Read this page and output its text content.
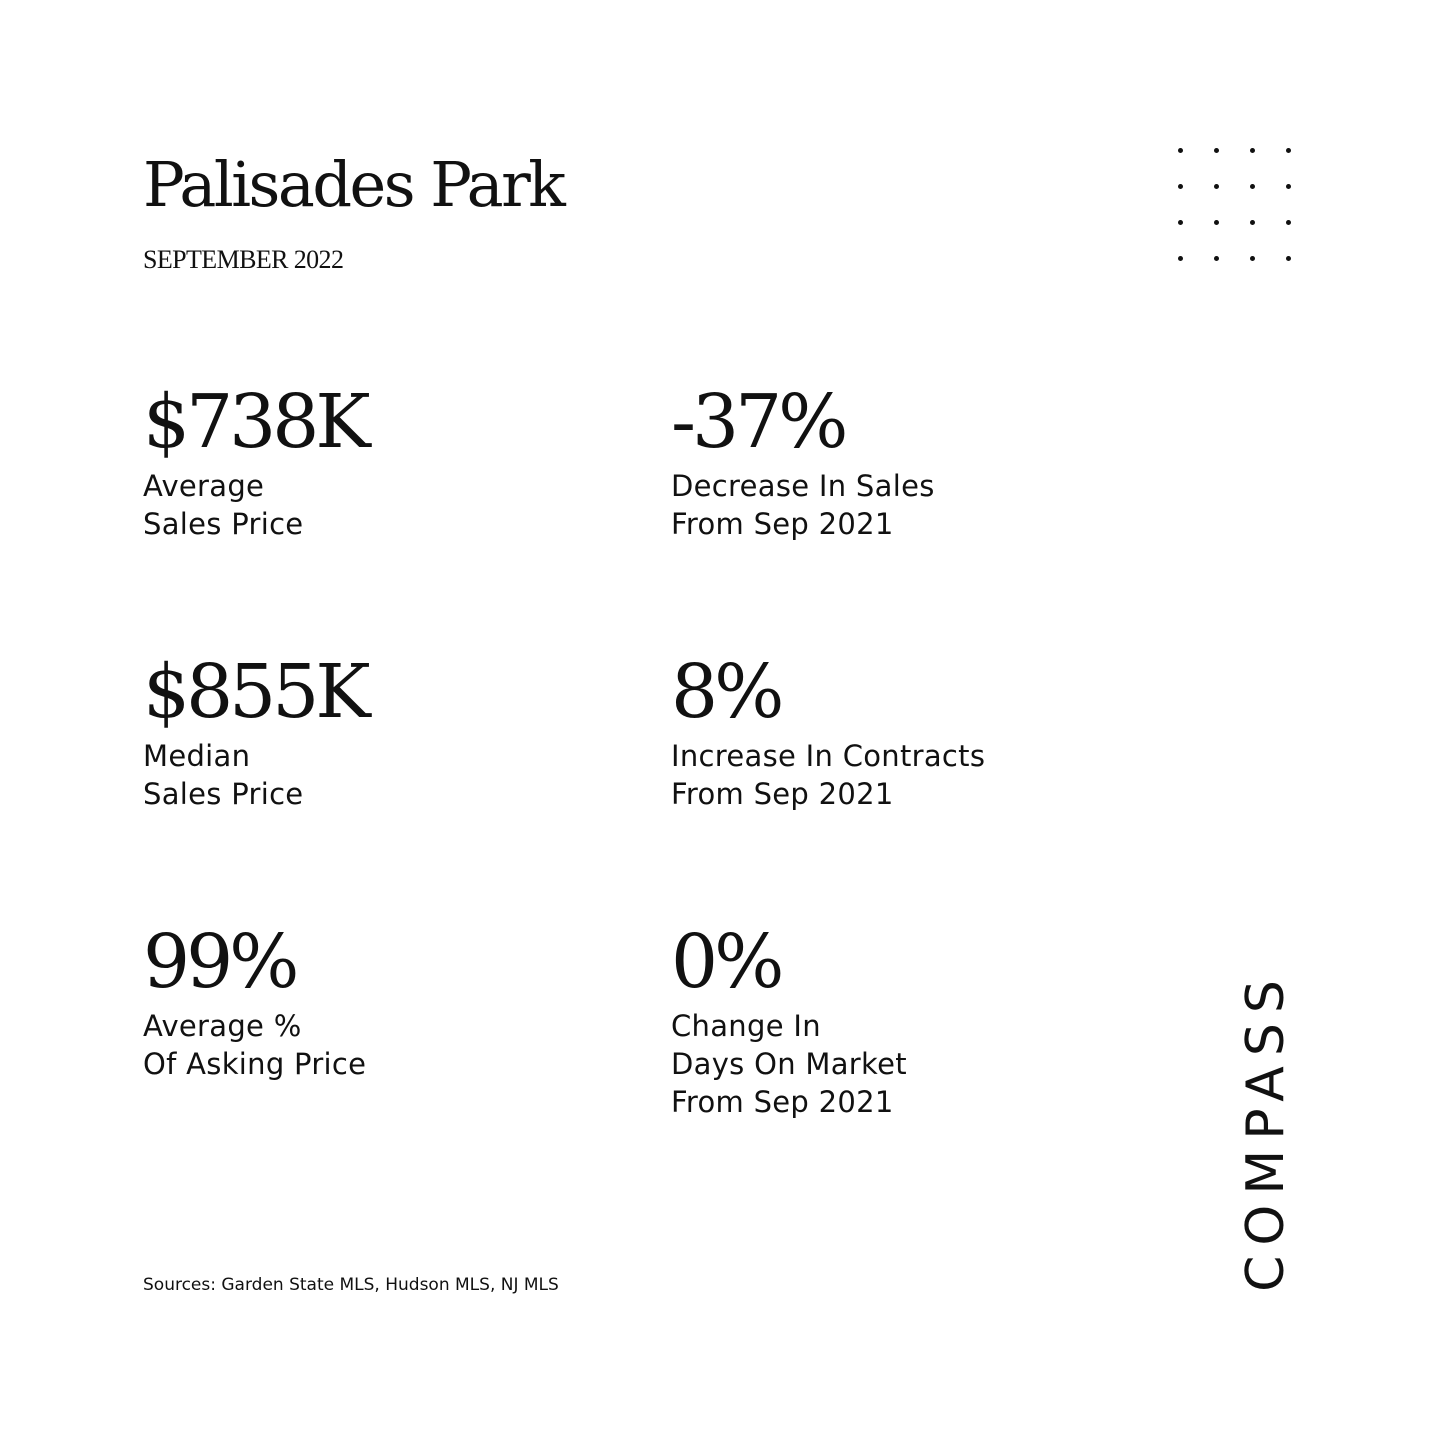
Palisades Park
SEPTEMBER 2022
$738K
Average
Sales Price
-37%
Decrease In Sales
From Sep 2021
$855K
Median
Sales Price
8%
Increase In Contracts
From Sep 2021
99%
Average %
Of Asking Price
0%
Change In
Days On Market
From Sep 2021
Sources: Garden State MLS, Hudson MLS, NJ MLS	COMPASS
